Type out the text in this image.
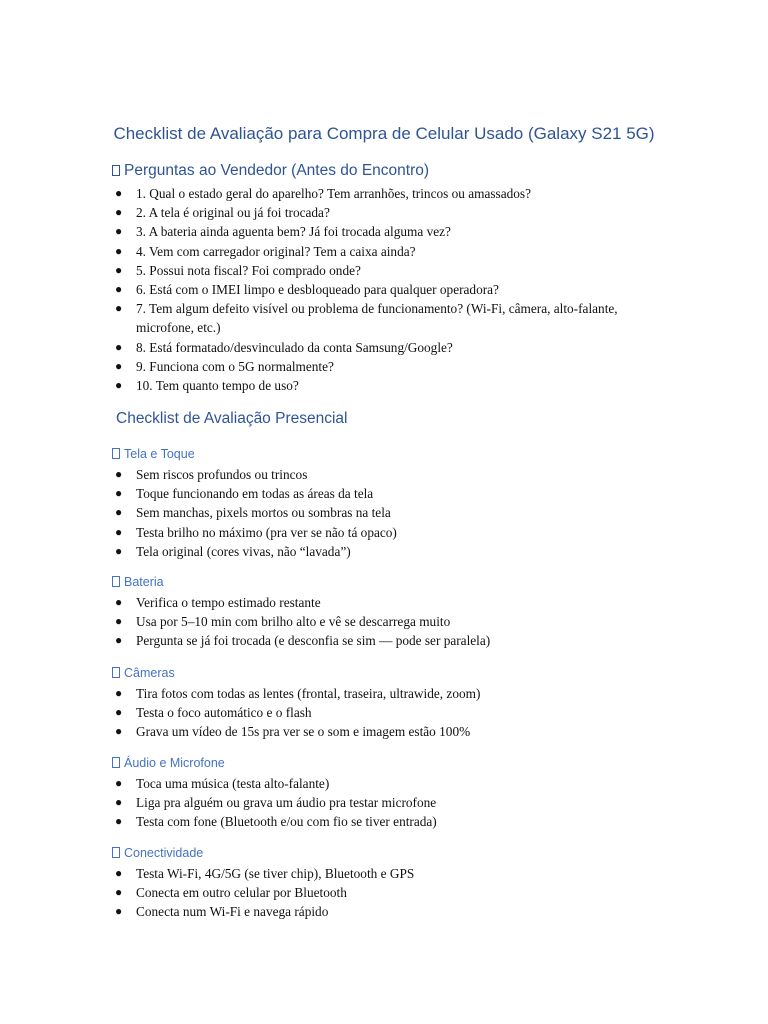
Checklist de Avaliação para Compra de Celular Usado (Galaxy S21 5G)
Perguntas ao Vendedor (Antes do Encontro)
● 1. Qual o estado geral do aparelho? Tem arranhões, trincos ou amassados?
● 2. A tela é original ou já foi trocada?
● 3. A bateria ainda aguenta bem? Já foi trocada alguma vez?
● 4. Vem com carregador original? Tem a caixa ainda?
● 5. Possui nota fiscal? Foi comprado onde?
● 6. Está com o IMEI limpo e desbloqueado para qualquer operadora?
● 7. Tem algum defeito visível ou problema de funcionamento? (Wi-Fi, câmera, alto-falante, microfone, etc.)
● 8. Está formatado/desvinculado da conta Samsung/Google?
● 9. Funciona com o 5G normalmente?
● 10. Tem quanto tempo de uso?
Checklist de Avaliação Presencial
Tela e Toque
● Sem riscos profundos ou trincos
● Toque funcionando em todas as áreas da tela
● Sem manchas, pixels mortos ou sombras na tela
● Testa brilho no máximo (pra ver se não tá opaco)
● Tela original (cores vivas, não “lavada”)
Bateria
● Verifica o tempo estimado restante
● Usa por 5–10 min com brilho alto e vê se descarrega muito
● Pergunta se já foi trocada (e desconfia se sim — pode ser paralela)
Câmeras
● Tira fotos com todas as lentes (frontal, traseira, ultrawide, zoom)
● Testa o foco automático e o flash
● Grava um vídeo de 15s pra ver se o som e imagem estão 100%
Áudio e Microfone
● Toca uma música (testa alto-falante)
● Liga pra alguém ou grava um áudio pra testar microfone
● Testa com fone (Bluetooth e/ou com fio se tiver entrada)
Conectividade
● Testa Wi-Fi, 4G/5G (se tiver chip), Bluetooth e GPS
● Conecta em outro celular por Bluetooth
● Conecta num Wi-Fi e navega rápido
